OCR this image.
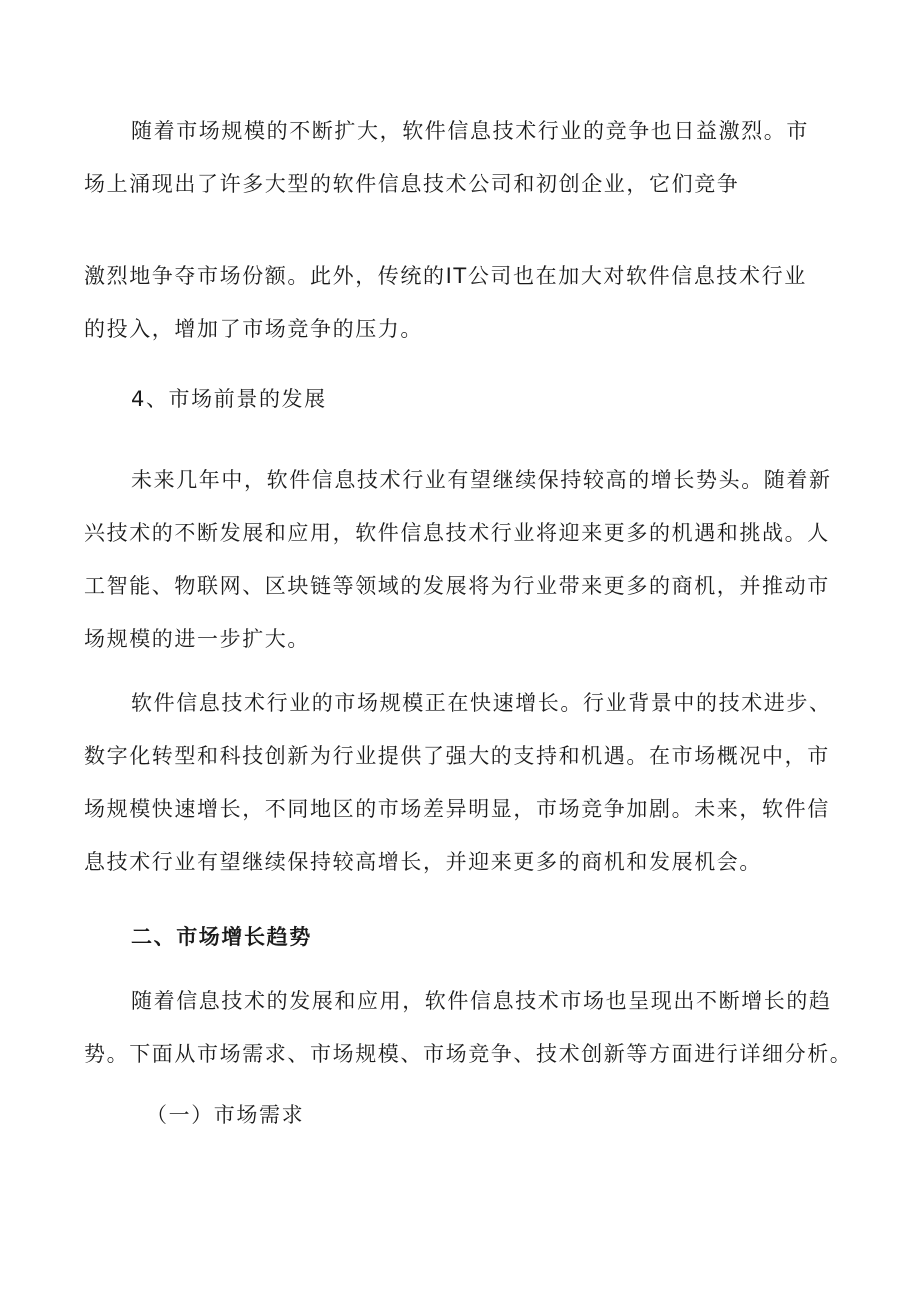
随着市场规模的不断扩大，软件信息技术行业的竞争也日益激烈。市
场上涌现出了许多大型的软件信息技术公司和初创企业，它们竞争
激烈地争夺市场份额。此外，传统的IT公司也在加大对软件信息技术行业
的投入，增加了市场竞争的压力。
4、市场前景的发展
未来几年中，软件信息技术行业有望继续保持较高的增长势头。随着新
兴技术的不断发展和应用，软件信息技术行业将迎来更多的机遇和挑战。人
工智能、物联网、区块链等领域的发展将为行业带来更多的商机，并推动市
场规模的进一步扩大。
软件信息技术行业的市场规模正在快速增长。行业背景中的技术进步、
数字化转型和科技创新为行业提供了强大的支持和机遇。在市场概况中，市
场规模快速增长，不同地区的市场差异明显，市场竞争加剧。未来，软件信
息技术行业有望继续保持较高增长，并迎来更多的商机和发展机会。
二、市场增长趋势
随着信息技术的发展和应用，软件信息技术市场也呈现出不断增长的趋
势。下面从市场需求、市场规模、市场竞争、技术创新等方面进行详细分析。
（一）市场需求
